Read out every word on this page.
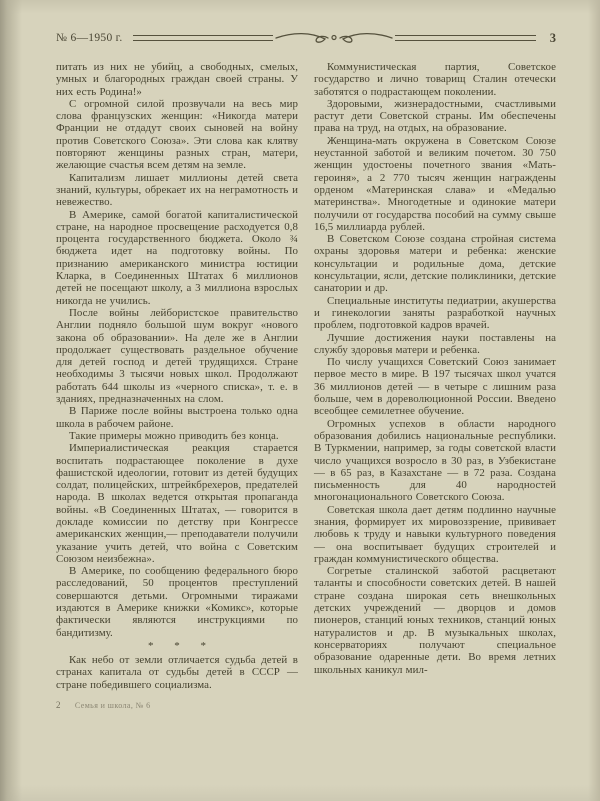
№ 6—1950 г.	3

питать из них не убийц, а свободных, смелых, умных и благородных граждан своей страны. У них есть Родина!»

С огромной силой прозвучали на весь мир слова французских женщин: «Никогда матери Франции не отдадут своих сыновей на войну против Советского Союза». Эти слова как клятву повторяют женщины разных стран, матери, желающие счастья всем детям на земле.

Капитализм лишает миллионы детей света знаний, культуры, обрекает их на неграмотность и невежество.

В Америке, самой богатой капиталистической стране, на народное просвещение расходуется 0,8 процента государственного бюджета. Около ¾ бюджета идет на подготовку войны. По признанию американского министра юстиции Кларка, в Соединенных Штатах 6 миллионов детей не посещают школу, а 3 миллиона взрослых никогда не учились.

После войны лейбористское правительство Англии подняло большой шум вокруг «нового закона об образовании». На деле же в Англии продолжает существовать раздельное обучение для детей господ и детей трудящихся. Стране необходимы 3 тысячи новых школ. Продолжают работать 644 школы из «черного списка», т. е. в зданиях, предназначенных на слом.

В Париже после войны выстроена только одна школа в рабочем районе.

Такие примеры можно приводить без конца.

Империалистическая реакция старается воспитать подрастающее поколение в духе фашистской идеологии, готовит из детей будущих солдат, полицейских, штрейкбрехеров, предателей народа. В школах ведется открытая пропаганда войны. «В Соединенных Штатах, — говорится в докладе комиссии по детству при Конгрессе американских женщин,— преподаватели получили указание учить детей, что война с Советским Союзом неизбежна».

В Америке, по сообщению федерального бюро расследований, 50 процентов преступлений совершаются детьми. Огромными тиражами издаются в Америке книжки «Комикс», которые фактически являются инструкциями по бандитизму.

* * *

Как небо от земли отличается судьба детей в странах капитала от судьбы детей в СССР — стране победившего социализма.

2 Семья и школа, № 6

Коммунистическая партия, Советское государство и лично товарищ Сталин отечески заботятся о подрастающем поколении.

Здоровыми, жизнерадостными, счастливыми растут дети Советской страны. Им обеспечены права на труд, на отдых, на образование.

Женщина-мать окружена в Советском Союзе неустанной заботой и великим почетом. 30 750 женщин удостоены почетного звания «Мать-героиня», а 2 770 тысяч женщин награждены орденом «Материнская слава» и «Медалью материнства». Многодетные и одинокие матери получили от государства пособий на сумму свыше 16,5 миллиарда рублей.

В Советском Союзе создана стройная система охраны здоровья матери и ребенка: женские консультации и родильные дома, детские консультации, ясли, детские поликлиники, детские санатории и др.

Специальные институты педиатрии, акушерства и гинекологии заняты разработкой научных проблем, подготовкой кадров врачей.

Лучшие достижения науки поставлены на службу здоровья матери и ребенка.

По числу учащихся Советский Союз занимает первое место в мире. В 197 тысячах школ учатся 36 миллионов детей — в четыре с лишним раза больше, чем в дореволюционной России. Введено всеобщее семилетнее обучение.

Огромных успехов в области народного образования добились национальные республики. В Туркмении, например, за годы советской власти число учащихся возросло в 30 раз, в Узбекистане — в 65 раз, в Казахстане — в 72 раза. Создана письменность для 40 народностей многонационального Советского Союза.

Советская школа дает детям подлинно научные знания, формирует их мировоззрение, прививает любовь к труду и навыки культурного поведения — она воспитывает будущих строителей и граждан коммунистического общества.

Согретые сталинской заботой расцветают таланты и способности советских детей. В нашей стране создана широкая сеть внешкольных детских учреждений — дворцов и домов пионеров, станций юных техников, станций юных натуралистов и др. В музыкальных школах, консерваториях получают специальное образование одаренные дети. Во время летних школьных каникул мил-
